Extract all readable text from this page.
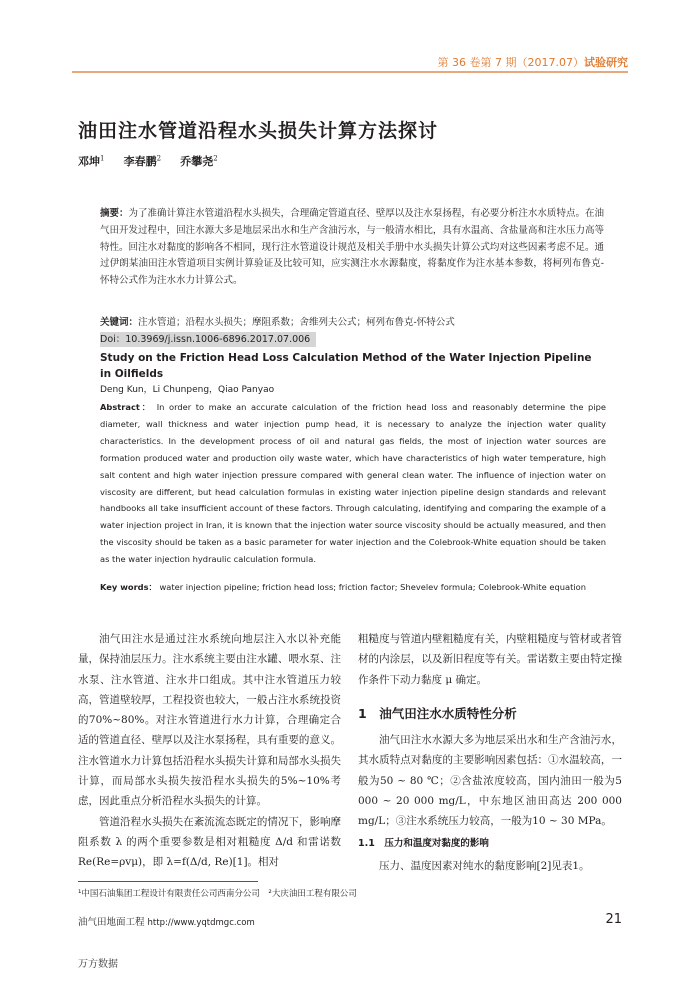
第 36 卷第 7 期（2017.07）试验研究
油田注水管道沿程水头损失计算方法探讨
邓坤$^1$ 李春鹏$^2$ 乔攀尧$^2$
摘要：为了准确计算注水管道沿程水头损失，合理确定管道直径、壁厚以及注水泵扬程，有必要分析注水水质特点。在油气田开发过程中，回注水源大多是地层采出水和生产含油污水，与一般清水相比，具有水温高、含盐量高和注水压力高等特性。回注水对黏度的影响各不相同，现行注水管道设计规范及相关手册中水头损失计算公式均对这些因素考虑不足。通过伊朗某油田注水管道项目实例计算验证及比较可知，应实测注水水源黏度，将黏度作为注水基本参数，将柯列布鲁克-怀特公式作为注水水力计算公式。
关键词：注水管道；沿程水头损失；摩阻系数；舍维列夫公式；柯列布鲁克-怀特公式
Doi：10.3969/j.issn.1006-6896.2017.07.006
Study on the Friction Head Loss Calculation Method of the Water Injection Pipeline in Oilfields
Deng Kun，Li Chunpeng，Qiao Panyao
Abstract： In order to make an accurate calculation of the friction head loss and reasonably determine the pipe diameter, wall thickness and water injection pump head, it is necessary to analyze the injection water quality characteristics. In the development process of oil and natural gas fields, the most of injection water sources are formation produced water and production oily waste water, which have characteristics of high water temperature, high salt content and high water injection pressure compared with general clean water. The influence of injection water on viscosity are different, but head calculation formulas in existing water injection pipeline design standards and relevant handbooks all take insufficient account of these factors. Through calculating, identifying and comparing the example of a water injection project in Iran, it is known that the injection water source viscosity should be actually measured, and then the viscosity should be taken as a basic parameter for water injection and the Colebrook-White equation should be taken as the water injection hydraulic calculation formula.
Key words： water injection pipeline; friction head loss; friction factor; Shevelev formula; Colebrook-White equation

油气田注水是通过注水系统向地层注入水以补充能量，保持油层压力。注水系统主要由注水罐、喂水泵、注水泵、注水管道、注水井口组成。其中注水管道压力较高，管道壁较厚，工程投资也较大，一般占注水系统投资的70%~80%。对注水管道进行水力计算，合理确定合适的管道直径、壁厚以及注水泵扬程，具有重要的意义。注水管道水力计算包括沿程水头损失计算和局部水头损失计算，而局部水头损失按沿程水头损失的5%~10%考虑，因此重点分析沿程水头损失的计算。

管道沿程水头损失在紊流流态既定的情况下，影响摩阻系数 λ 的两个重要参数是相对粗糙度 Δ/d 和雷诺数 Re(Re=ρvμ)，即 λ=f(Δ/d, Re)[1]。相对

粗糙度与管道内壁粗糙度有关，内壁粗糙度与管材或者管材的内涂层，以及新旧程度等有关。雷诺数主要由特定操作条件下动力黏度 μ 确定。

1　油气田注水水质特性分析

油气田注水水源大多为地层采出水和生产含油污水，其水质特点对黏度的主要影响因素包括：①水温较高，一般为50 ~ 80 ℃；②含盐浓度较高，国内油田一般为5 000 ~ 20 000 mg/L，中东地区油田高达 200 000 mg/L；③注水系统压力较高，一般为10 ~ 30 MPa。

1.1　压力和温度对黏度的影响

压力、温度因素对纯水的黏度影响[2]见表1。

¹中国石油集团工程设计有限责任公司西南分公司　²大庆油田工程有限公司
油气田地面工程 http://www.yqtdmgc.com	21
万方数据
